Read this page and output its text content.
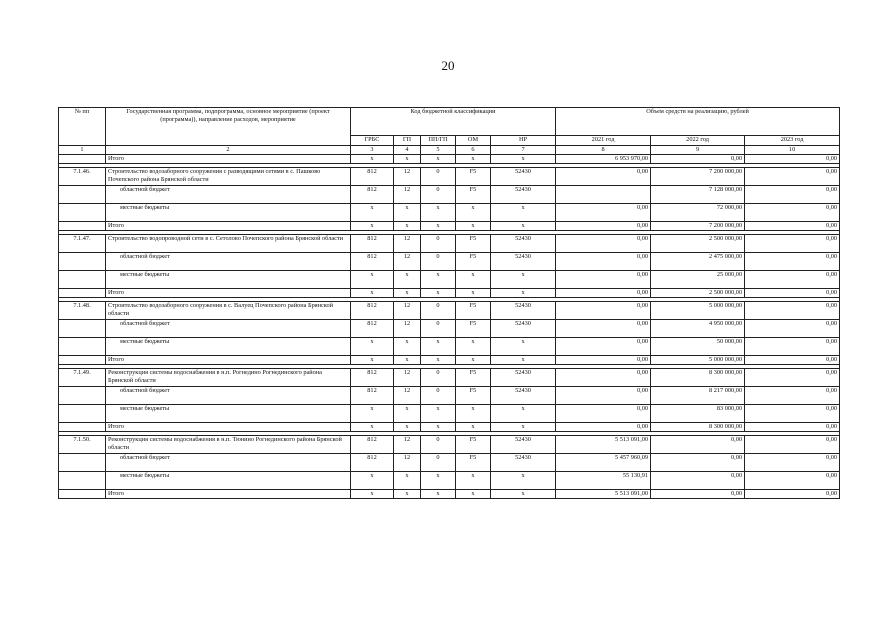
20
№ пп	Государственная программа, подпрограмма, основное мероприятие (проект (программа)), направление расходов, мероприятие	Код бюджетной классификации					Объем средств на реализацию, рублей		
		ГРБС	ГП	ПП/ГП	ОМ	НР	2021 год	2022 год	2023 год
1	2	3	4	5	6	7	8	9	10
	Итого	х	х	х	х	х	6 953 970,00	0,00	0,00

7.1.46.	Строительство водозаборного сооружения с разводящими сетями в с. Пашково Почепского района Брянской области	812	12	0	F5	52430	0,00	7 200 000,00	0,00
	областной бюджет	812	12	0	F5	52430		7 128 000,00	0,00
	местные бюджеты	х	х	х	х	х	0,00	72 000,00	0,00
	Итого	х	х	х	х	х	0,00	7 200 000,00	0,00

7.1.47.	Строительство водопроводной сети в с. Сетолово Почепского района Брянской области	812	12	0	F5	52430	0,00	2 500 000,00	0,00
	областной бюджет	812	12	0	F5	52430	0,00	2 475 000,00	0,00
	местные бюджеты	х	х	х	х	х	0,00	25 000,00	0,00
	Итого	х	х	х	х	х	0,00	2 500 000,00	0,00

7.1.48.	Строительство водозаборного сооружения в с. Валуец Почепского района Брянской области	812	12	0	F5	52430	0,00	5 000 000,00	0,00
	областной бюджет	812	12	0	F5	52430	0,00	4 950 000,00	0,00
	местные бюджеты	х	х	х	х	х	0,00	50 000,00	0,00
	Итого	х	х	х	х	х	0,00	5 000 000,00	0,00

7.1.49.	Реконструкция системы водоснабжения в н.п. Рогнедино Рогнединского района Брянской области	812	12	0	F5	52430	0,00	8 300 000,00	0,00
	областной бюджет	812	12	0	F5	52430	0,00	8 217 000,00	0,00
	местные бюджеты	х	х	х	х	х	0,00	83 000,00	0,00
	Итого	х	х	х	х	х	0,00	8 300 000,00	0,00

7.1.50.	Реконструкция системы водоснабжения в н.п. Тюнино Рогнединского района Брянской области	812	12	0	F5	52430	5 513 091,00	0,00	0,00
	областной бюджет	812	12	0	F5	52430	5 457 960,09	0,00	0,00
	местные бюджеты	х	х	х	х	х	55 130,91	0,00	0,00
	Итого	х	х	х	х	х	5 513 091,00	0,00	0,00
